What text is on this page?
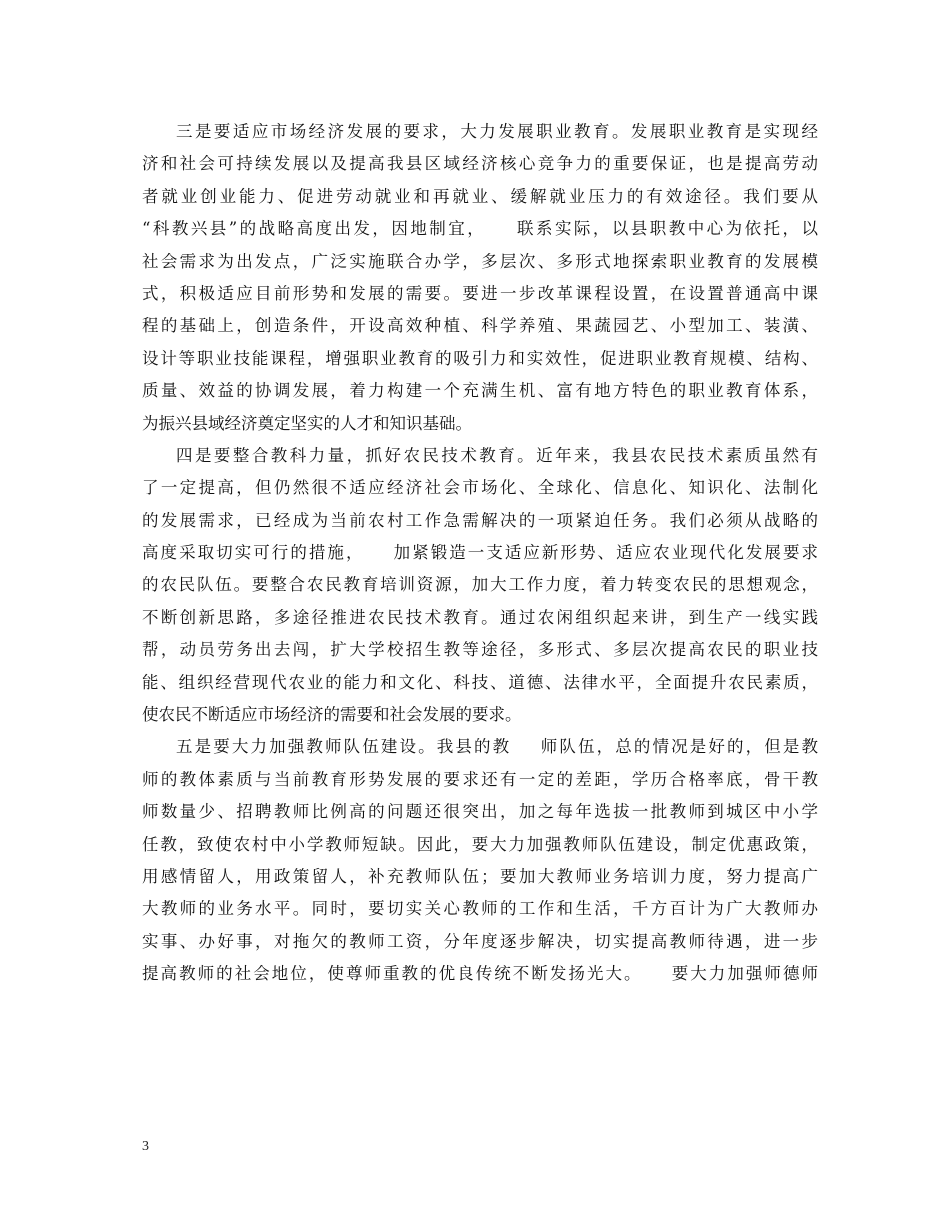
三是要适应市场经济发展的要求，大力发展职业教育。发展职业教育是实现经
济和社会可持续发展以及提高我县区域经济核心竞争力的重要保证，也是提高劳动
者就业创业能力、促进劳动就业和再就业、缓解就业压力的有效途径。我们要从
“科教兴县”的战略高度出发，因地制宜，    联系实际，以县职教中心为依托，以
社会需求为出发点，广泛实施联合办学，多层次、多形式地探索职业教育的发展模
式，积极适应目前形势和发展的需要。要进一步改革课程设置，在设置普通高中课
程的基础上，创造条件，开设高效种植、科学养殖、果蔬园艺、小型加工、装潢、
设计等职业技能课程，增强职业教育的吸引力和实效性，促进职业教育规模、结构、
质量、效益的协调发展，着力构建一个充满生机、富有地方特色的职业教育体系，
为振兴县域经济奠定坚实的人才和知识基础。
四是要整合教科力量，抓好农民技术教育。近年来，我县农民技术素质虽然有
了一定提高，但仍然很不适应经济社会市场化、全球化、信息化、知识化、法制化
的发展需求，已经成为当前农村工作急需解决的一项紧迫任务。我们必须从战略的
高度采取切实可行的措施，    加紧锻造一支适应新形势、适应农业现代化发展要求
的农民队伍。要整合农民教育培训资源，加大工作力度，着力转变农民的思想观念，
不断创新思路，多途径推进农民技术教育。通过农闲组织起来讲，到生产一线实践
帮，动员劳务出去闯，扩大学校招生教等途径，多形式、多层次提高农民的职业技
能、组织经营现代农业的能力和文化、科技、道德、法律水平，全面提升农民素质，
使农民不断适应市场经济的需要和社会发展的要求。
五是要大力加强教师队伍建设。我县的教    师队伍，总的情况是好的，但是教
师的教体素质与当前教育形势发展的要求还有一定的差距，学历合格率底，骨干教
师数量少、招聘教师比例高的问题还很突出，加之每年选拔一批教师到城区中小学
任教，致使农村中小学教师短缺。因此，要大力加强教师队伍建设，制定优惠政策，
用感情留人，用政策留人，补充教师队伍；要加大教师业务培训力度，努力提高广
大教师的业务水平。同时，要切实关心教师的工作和生活，千方百计为广大教师办
实事、办好事，对拖欠的教师工资，分年度逐步解决，切实提高教师待遇，进一步
提高教师的社会地位，使尊师重教的优良传统不断发扬光大。    要大力加强师德师
3
